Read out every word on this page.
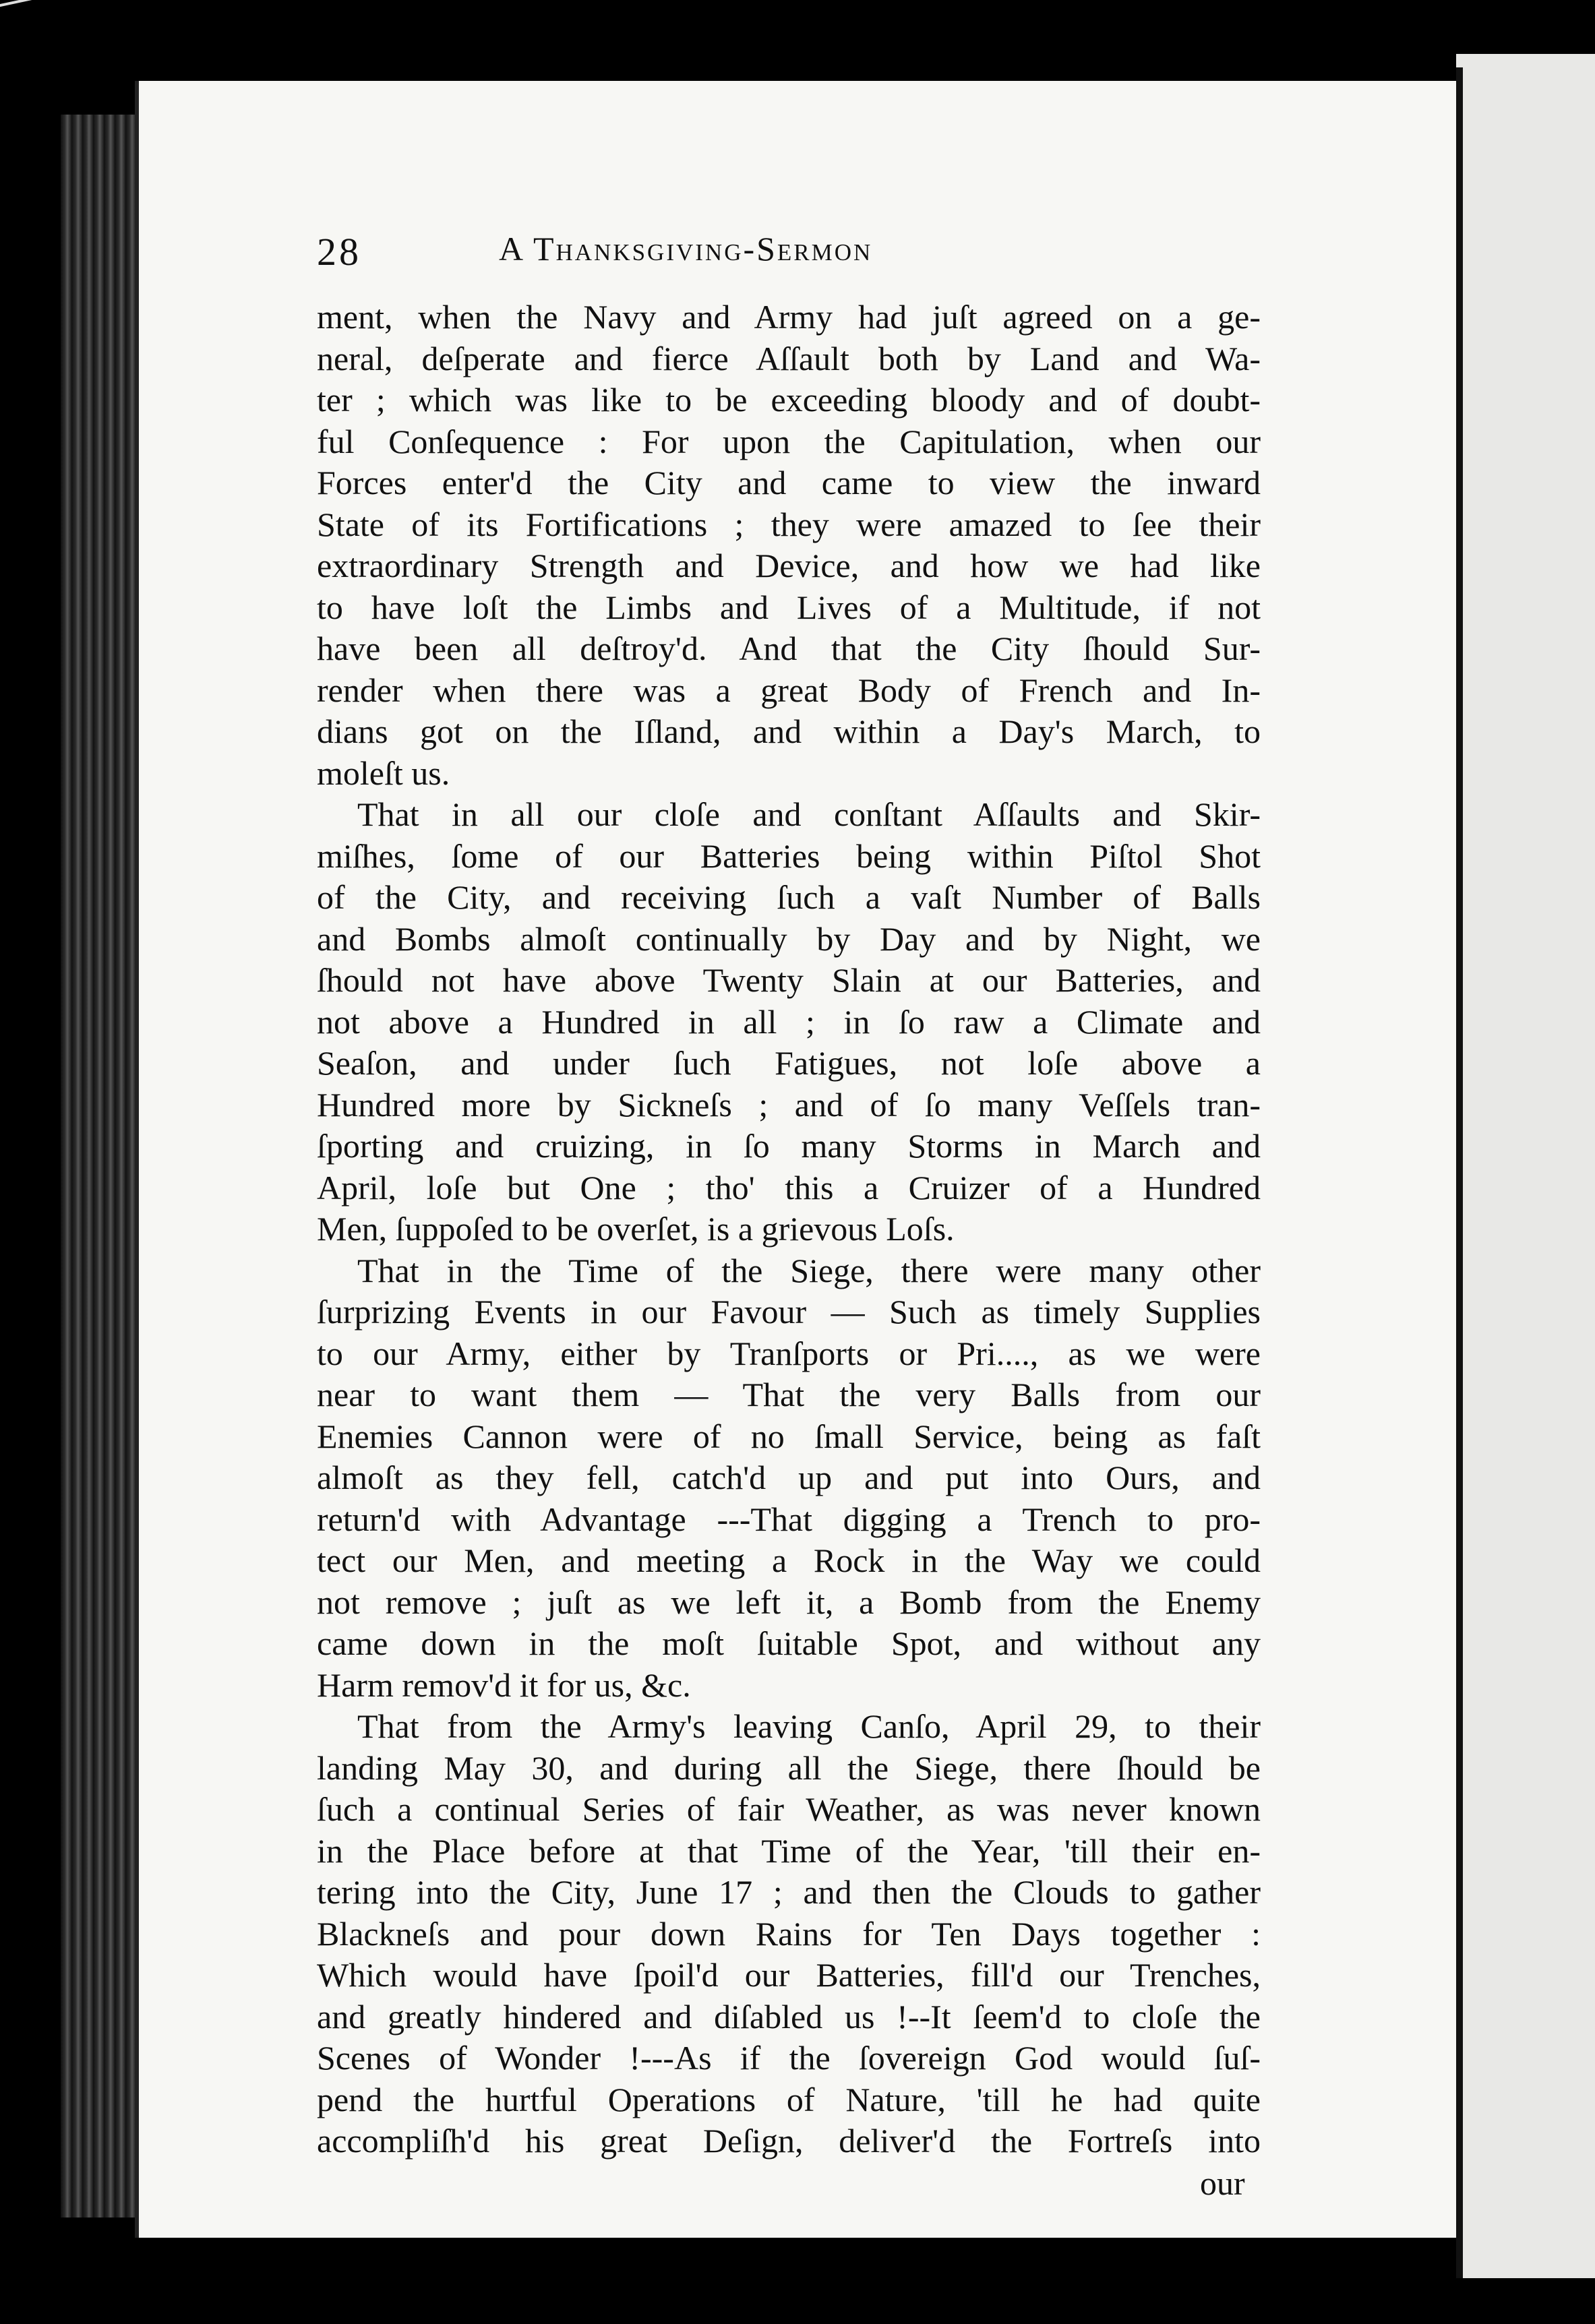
28	A Thanksgiving-Sermon
ment, when the Navy and Army had juſt agreed on a ge-
neral, deſperate and fierce Aſſault both by Land and Wa-
ter ; which was like to be exceeding bloody and of doubt-
ful Conſequence : For upon the Capitulation, when our
Forces enter'd the City and came to view the inward
State of its Fortifications ; they were amazed to ſee their
extraordinary Strength and Device, and how we had like
to have loſt the Limbs and Lives of a Multitude, if not
have been all deſtroy'd. And that the City ſhould Sur-
render when there was a great Body of French and In-
dians got on the Iſland, and within a Day's March, to
moleſt us.
That in all our cloſe and conſtant Aſſaults and Skir-
miſhes, ſome of our Batteries being within Piſtol Shot
of the City, and receiving ſuch a vaſt Number of Balls
and Bombs almoſt continually by Day and by Night, we
ſhould not have above Twenty Slain at our Batteries, and
not above a Hundred in all ; in ſo raw a Climate and
Seaſon, and under ſuch Fatigues, not loſe above a
Hundred more by Sickneſs ; and of ſo many Veſſels tran-
ſporting and cruizing, in ſo many Storms in March and
April, loſe but One ; tho' this a Cruizer of a Hundred
Men, ſuppoſed to be overſet, is a grievous Loſs.
That in the Time of the Siege, there were many other
ſurprizing Events in our Favour — Such as timely Supplies
to our Army, either by Tranſports or Pri...., as we were
near to want them — That the very Balls from our
Enemies Cannon were of no ſmall Service, being as faſt
almoſt as they fell, catch'd up and put into Ours, and
return'd with Advantage ---That digging a Trench to pro-
tect our Men, and meeting a Rock in the Way we could
not remove ; juſt as we left it, a Bomb from the Enemy
came down in the moſt ſuitable Spot, and without any
Harm remov'd it for us, &c.
That from the Army's leaving Canſo, April 29, to their
landing May 30, and during all the Siege, there ſhould be
ſuch a continual Series of fair Weather, as was never known
in the Place before at that Time of the Year, 'till their en-
tering into the City, June 17 ; and then the Clouds to gather
Blackneſs and pour down Rains for Ten Days together :
Which would have ſpoil'd our Batteries, fill'd our Trenches,
and greatly hindered and diſabled us !--It ſeem'd to cloſe the
Scenes of Wonder !---As if the ſovereign God would ſuſ-
pend the hurtful Operations of Nature, 'till he had quite
accompliſh'd his great Deſign, deliver'd the Fortreſs into
our
